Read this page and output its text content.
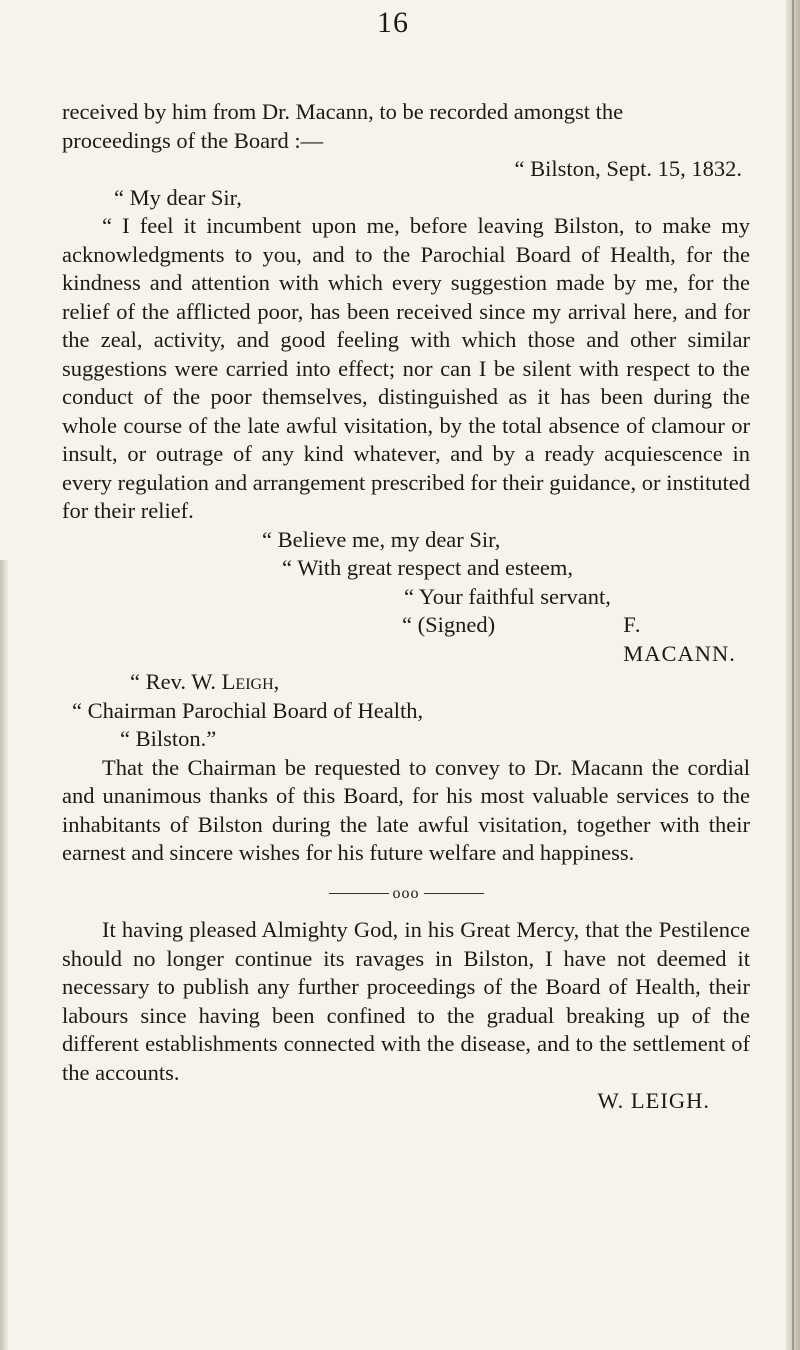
16

received by him from Dr. Macann, to be recorded amongst the

proceedings of the Board :—

“ Bilston, Sept. 15, 1832.

“ My dear Sir,

“ I feel it incumbent upon me, before leaving Bilston, to make my acknowledgments to you, and to the Parochial Board of Health, for the kindness and attention with which every suggestion made by me, for the relief of the afflicted poor, has been received since my arrival here, and for the zeal, activity, and good feeling with which those and other similar suggestions were carried into effect; nor can I be silent with respect to the conduct of the poor themselves, distinguished as it has been during the whole course of the late awful visitation, by the total absence of clamour or insult, or outrage of any kind whatever, and by a ready acquiescence in every regulation and arrangement prescribed for their guidance, or instituted for their relief.

“ Believe me, my dear Sir,

“ With great respect and esteem,

“ Your faithful servant,

“ (Signed)	F. MACANN.

“ Rev. W. Leigh,

“ Chairman Parochial Board of Health,

“ Bilston.”

That the Chairman be requested to convey to Dr. Macann the cordial and unanimous thanks of this Board, for his most valuable services to the inhabitants of Bilston during the late awful visitation, together with their earnest and sincere wishes for his future welfare and happiness.

ooo

It having pleased Almighty God, in his Great Mercy, that the Pestilence should no longer continue its ravages in Bilston, I have not deemed it necessary to publish any further proceedings of the Board of Health, their labours since having been confined to the gradual breaking up of the different establishments connected with the disease, and to the settlement of the accounts.

W. LEIGH.
